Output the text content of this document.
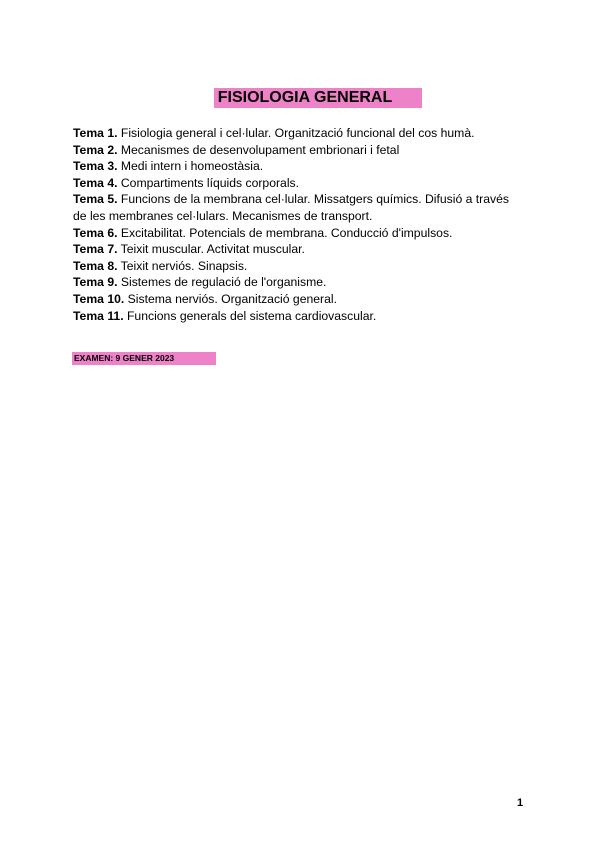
FISIOLOGIA GENERAL

Tema 1. Fisiologia general i cel·lular. Organització funcional del cos humà.

Tema 2. Mecanismes de desenvolupament embrionari i fetal

Tema 3. Medi intern i homeostàsia.

Tema 4. Compartiments líquids corporals.

Tema 5. Funcions de la membrana cel·lular. Missatgers químics. Difusió a través de les membranes cel·lulars. Mecanismes de transport.

Tema 6. Excitabilitat. Potencials de membrana. Conducció d'impulsos.

Tema 7. Teixit muscular. Activitat muscular.

Tema 8. Teixit nerviós. Sinapsis.

Tema 9. Sistemes de regulació de l'organisme.

Tema 10. Sistema nerviós. Organització general.

Tema 11. Funcions generals del sistema cardiovascular.

EXAMEN: 9 GENER 2023
1
